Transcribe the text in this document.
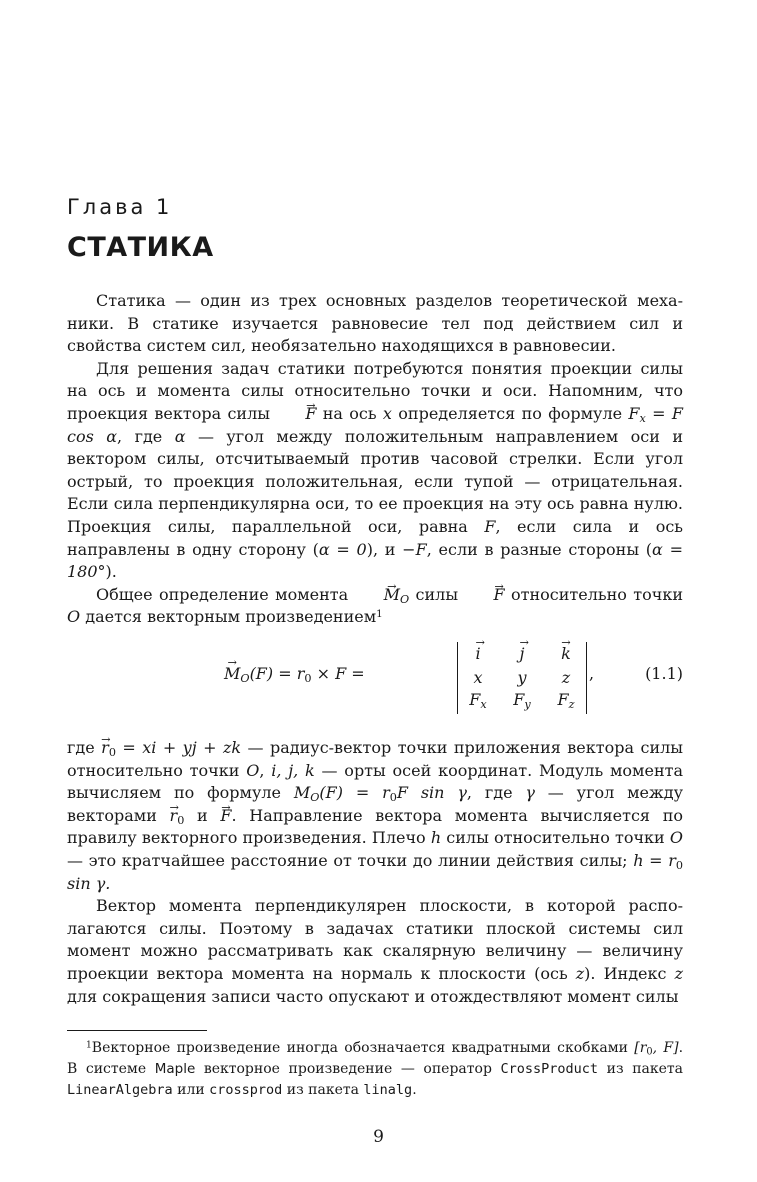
Глава 1
СТАТИКА

Статика — один из трех основных разделов теоретической механики. В статике изучается равновесие тел под действием сил и свойства систем сил, необязательно находящихся в равновесии.

Для решения задач статики потребуются понятия проекции силы на ось и момента силы относительно точки и оси. Напомним, что проекция вектора силы F → на ось x определяется по формуле $F_x = F$ cos α, где α — угол между положительным направлением оси и вектором силы, отсчитываемый против часовой стрелки. Если угол острый, то проекция положительная, если тупой — отрицательная. Если сила перпендикулярна оси, то ее проекция на эту ось равна нулю. Проекция силы, параллельной оси, равна F, если сила и ось направлены в одну сторону (α = 0), и −F, если в разные стороны (α = 180°).

Общее определение момента $M \to_O$ силы F → относительно точки O дается векторным произведением$^1$

$M \to_O(F) = r_0 \times F$ =
i →	j →	k →
x	y	z
$F_x$	$F_y$	$F_z$
,	(1.1)

где $r \to_0$ = xi + yj + zk — радиус-вектор точки приложения вектора силы относительно точки O, i, j, k — орты осей координат. Модуль момента вычисляем по формуле $M_O(F) = r_0F$ sin γ, где γ — угол между векторами $r \to_0$ и F →. Направление вектора момента вычисляется по правилу векторного произведения. Плечо h силы относительно точки O — это кратчайшее расстояние от точки до линии действия силы; $h = r_0$ sin γ.

Вектор момента перпендикулярен плоскости, в которой располагаются силы. Поэтому в задачах статики плоской системы сил момент можно рассматривать как скалярную величину — величину проекции вектора момента на нормаль к плоскости (ось z). Индекс z для сокращения записи часто опускают и отождествляют момент силы

$^1$Векторное произведение иногда обозначается квадратными скобками [$r_0$, F]. В системе Maple векторное произведение — оператор CrossProduct из пакета LinearAlgebra или crossprod из пакета linalg.

9
